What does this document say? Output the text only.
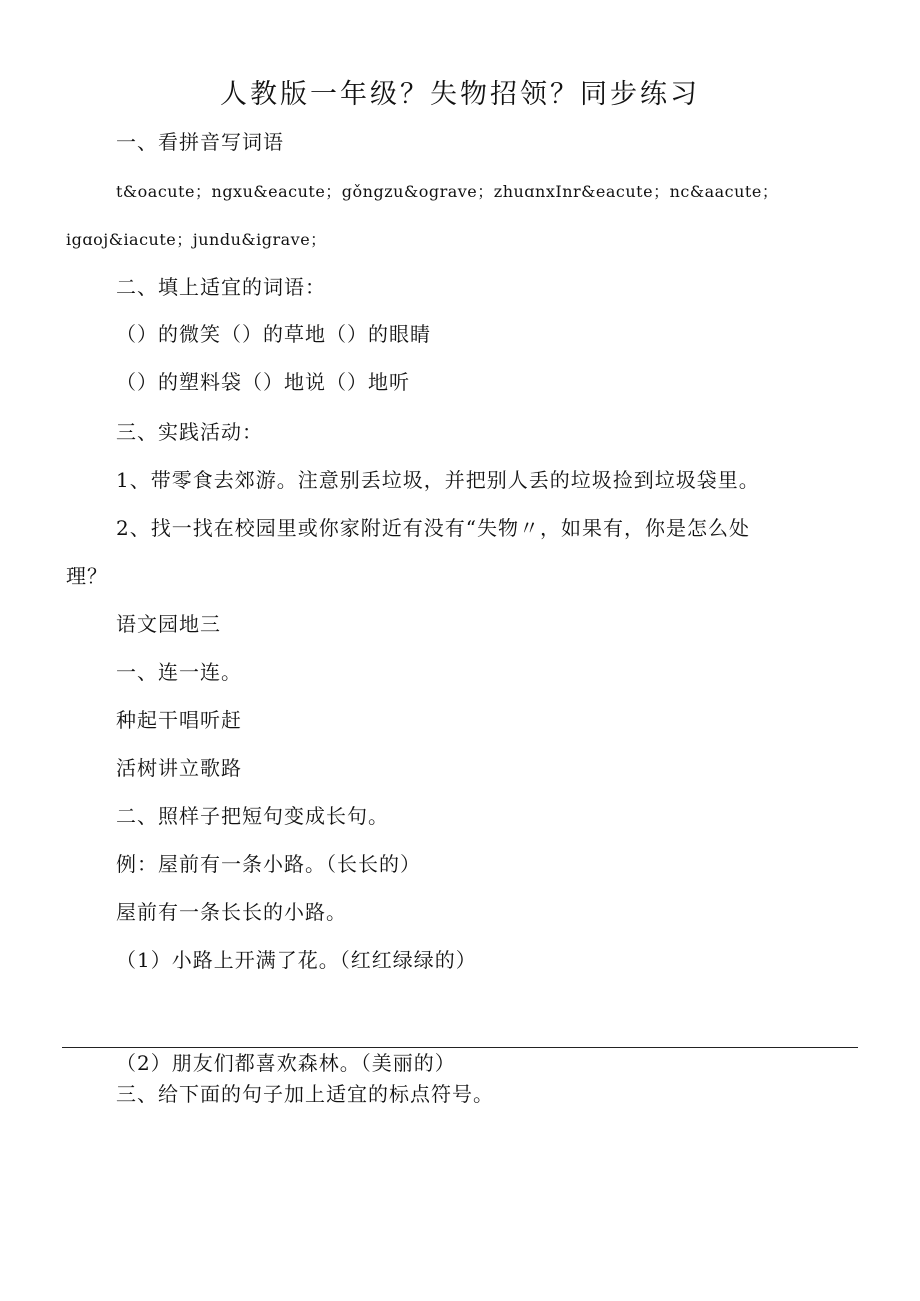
人教版一年级？失物招领？同步练习
一、看拼音写词语
t&oacute；ngxu&eacute；gǒngzu&ograve；zhuɑnxInr&eacute；nc&aacute；
igɑoj&iacute；jundu&igrave；
二、填上适宜的词语：
（）的微笑（）的草地（）的眼睛
（）的塑料袋（）地说（）地听
三、实践活动：
1、带零食去郊游。注意别丢垃圾，并把别人丢的垃圾捡到垃圾袋里。
2、找一找在校园里或你家附近有没有“失物〃，如果有，你是怎么处
理？
语文园地三
一、连一连。
种起干唱听赶
活树讲立歌路
二、照样子把短句变成长句。
例：屋前有一条小路。（长长的）
屋前有一条长长的小路。
（1）小路上开满了花。（红红绿绿的）
（2）朋友们都喜欢森林。（美丽的）
三、给下面的句子加上适宜的标点符号。
